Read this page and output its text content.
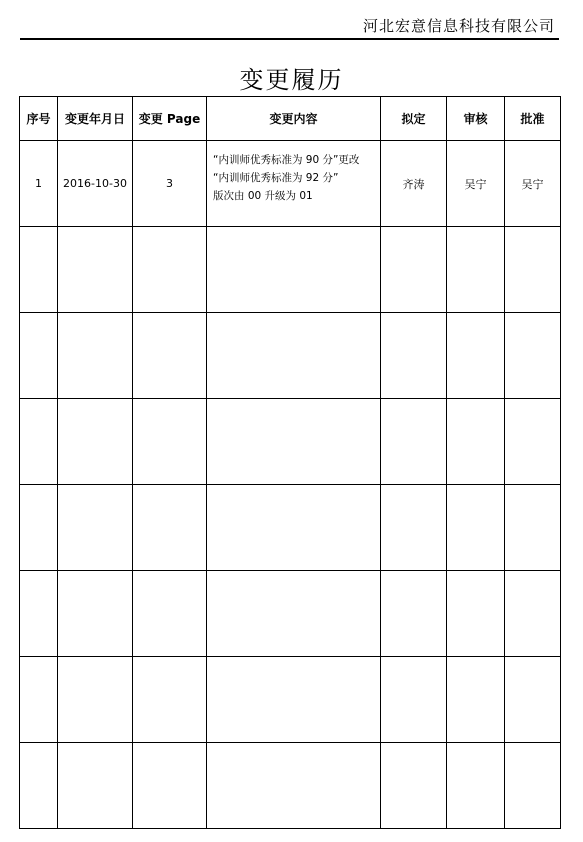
河北宏意信息科技有限公司
变更履历
序号	变更年月日	变更 Page	变更内容	拟定	审核	批准
1	2016-10-30	3	“内训师优秀标准为 90 分”更改
“内训师优秀标准为 92 分”
版次由 00 升级为 01	齐涛	吴宁	吴宁
